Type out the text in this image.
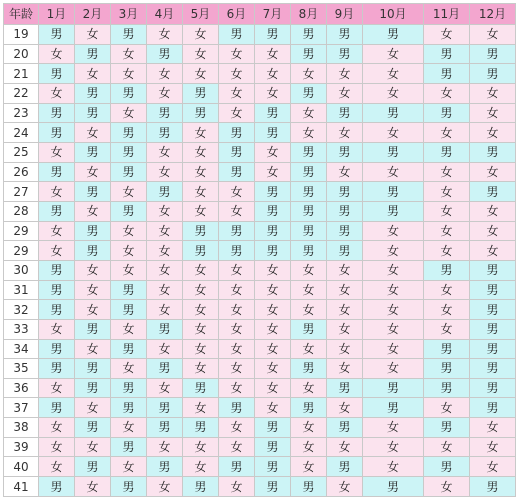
年龄	1月	2月	3月	4月	5月	6月	7月	8月	9月	10月	11月	12月
19	男	女	男	女	女	男	男	男	男	男	女	女
20	女	男	女	男	女	女	女	男	男	女	男	男
21	男	女	女	女	女	女	女	女	女	女	男	男
22	女	男	男	女	男	女	女	男	女	女	女	女
23	男	男	女	男	男	女	男	女	男	男	男	女
24	男	女	男	男	女	男	男	女	女	女	女	女
25	女	男	男	女	女	男	女	男	男	男	男	男
26	男	女	男	女	女	男	女	男	女	女	女	女
27	女	男	女	男	女	女	男	男	男	男	女	男
28	男	女	男	女	女	女	男	男	男	男	女	女
29	女	男	女	女	男	男	男	男	男	女	女	女
29	女	男	女	女	男	男	男	男	男	女	女	女
30	男	女	女	女	女	女	女	女	女	女	男	男
31	男	女	男	女	女	女	女	女	女	女	女	男
32	男	女	男	女	女	女	女	女	女	女	女	男
33	女	男	女	男	女	女	女	男	女	女	女	男
34	男	女	男	女	女	女	女	女	女	女	男	男
35	男	男	女	男	女	女	女	男	女	女	男	男
36	女	男	男	女	男	女	女	女	男	男	男	男
37	男	女	男	男	女	男	女	男	女	男	女	男
38	女	男	女	男	男	女	男	女	男	女	男	女
39	女	女	男	女	女	女	男	女	女	女	女	女
40	女	男	女	男	女	男	男	女	男	女	男	女
41	男	女	男	女	男	女	男	男	女	男	女	男
